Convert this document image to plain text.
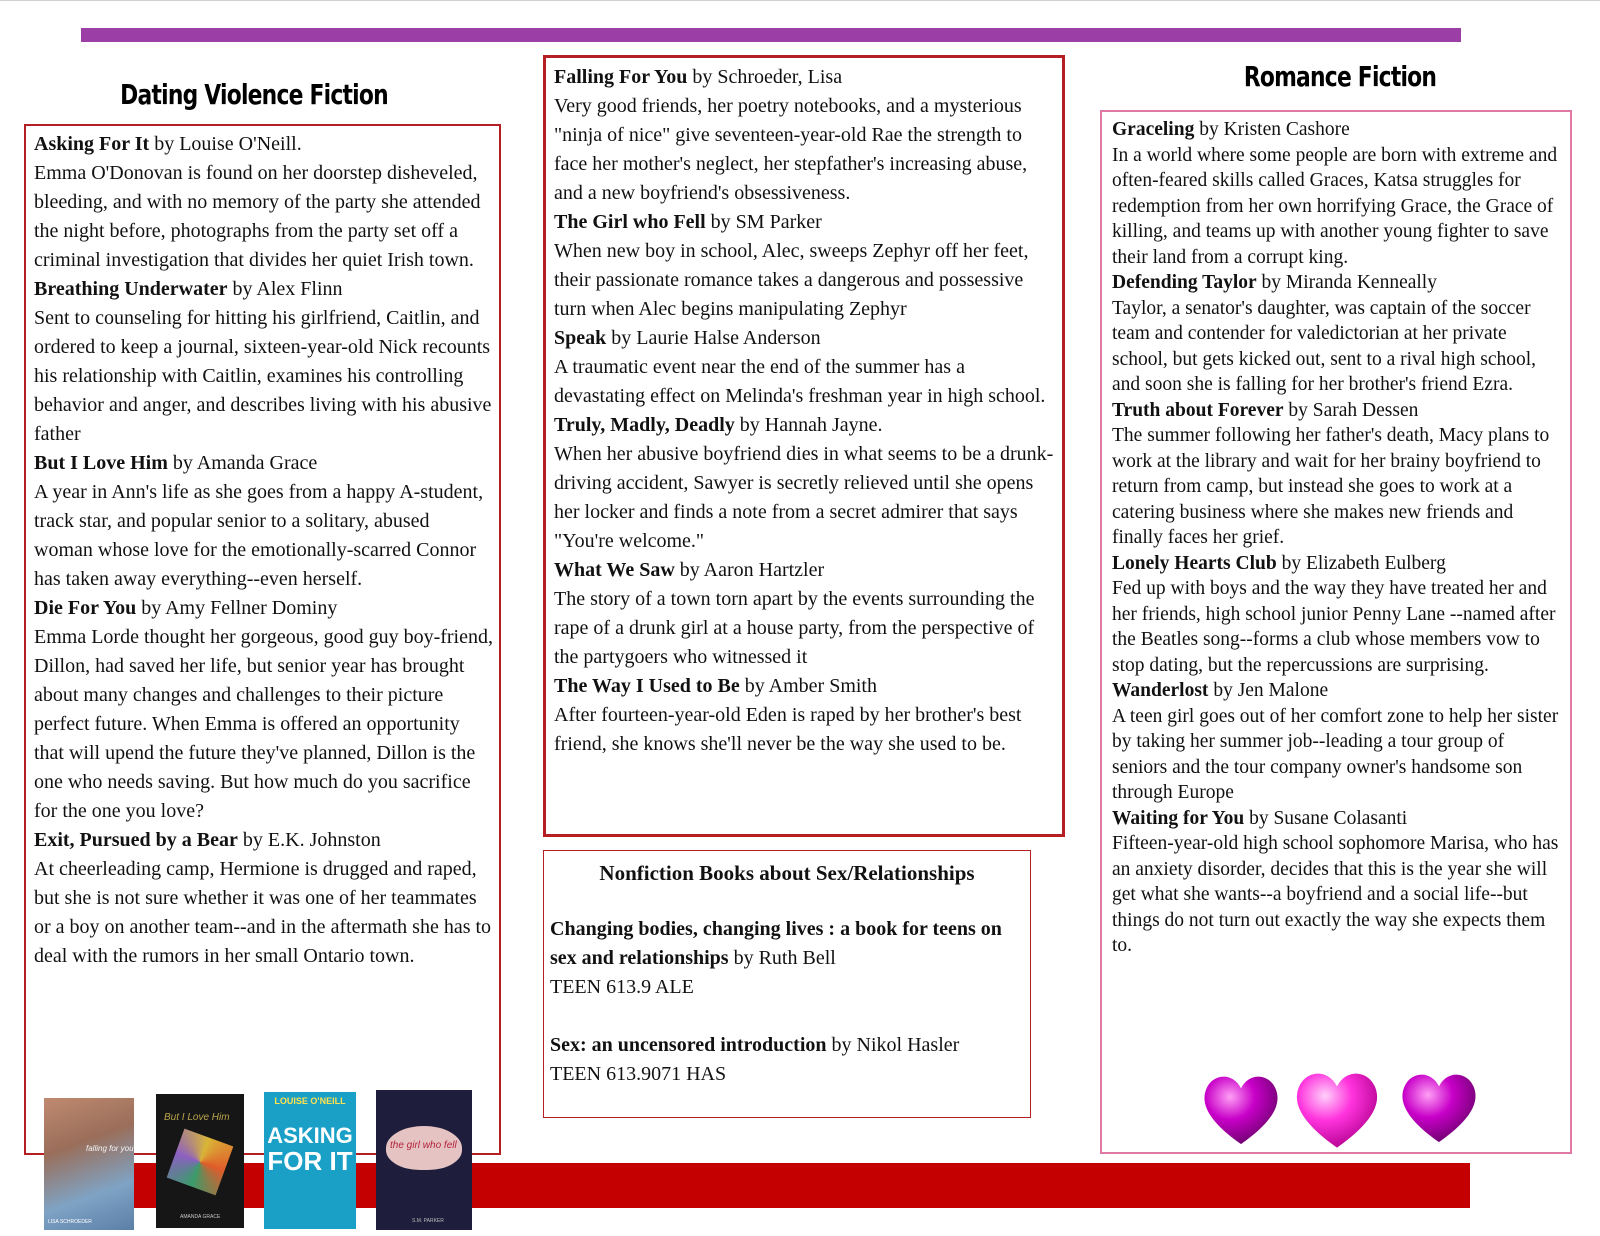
Dating Violence Fiction
Romance Fiction

Asking For It by Louise O'Neill.

Emma O'Donovan is found on her doorstep disheveled, bleeding, and with no memory of the party she attended the night before, photographs from the party set off a criminal investigation that divides her quiet Irish town.

Breathing Underwater by Alex Flinn

Sent to counseling for hitting his girlfriend, Caitlin, and ordered to keep a journal, sixteen-year-old Nick recounts his relationship with Caitlin, examines his controlling behavior and anger, and describes living with his abusive father

But I Love Him by Amanda Grace

A year in Ann's life as she goes from a happy A-student, track star, and popular senior to a solitary, abused woman whose love for the emotionally-scarred Connor has taken away everything--even herself.

Die For You by Amy Fellner Dominy

Emma Lorde thought her gorgeous, good guy boy-friend, Dillon, had saved her life, but senior year has brought about many changes and challenges to their picture perfect future. When Emma is offered an opportunity that will upend the future they've planned, Dillon is the one who needs saving. But how much do you sacrifice for the one you love?

Exit, Pursued by a Bear by E.K. Johnston

At cheerleading camp, Hermione is drugged and raped, but she is not sure whether it was one of her teammates or a boy on another team--and in the aftermath she has to deal with the rumors in her small Ontario town.

Falling For You by Schroeder, Lisa

Very good friends, her poetry notebooks, and a mysterious "ninja of nice" give seventeen-year-old Rae the strength to face her mother's neglect, her stepfather's increasing abuse, and a new boyfriend's obsessiveness.

The Girl who Fell by SM Parker

When new boy in school, Alec, sweeps Zephyr off her feet, their passionate romance takes a dangerous and possessive turn when Alec begins manipulating Zephyr

Speak by Laurie Halse Anderson

A traumatic event near the end of the summer has a devastating effect on Melinda's freshman year in high school.

Truly, Madly, Deadly by Hannah Jayne.

When her abusive boyfriend dies in what seems to be a drunk-driving accident, Sawyer is secretly relieved until she opens her locker and finds a note from a secret admirer that says "You're welcome."

What We Saw by Aaron Hartzler

The story of a town torn apart by the events surrounding the rape of a drunk girl at a house party, from the perspective of the partygoers who witnessed it

The Way I Used to Be by Amber Smith

After fourteen-year-old Eden is raped by her brother's best friend, she knows she'll never be the way she used to be.

Nonfiction Books about Sex/Relationships

Changing bodies, changing lives : a book for teens on sex and relationships by Ruth Bell

TEEN 613.9 ALE

Sex: an uncensored introduction by Nikol Hasler

TEEN 613.9071 HAS

Graceling by Kristen Cashore

In a world where some people are born with extreme and often-feared skills called Graces, Katsa struggles for redemption from her own horrifying Grace, the Grace of killing, and teams up with another young fighter to save their land from a corrupt king.

Defending Taylor by Miranda Kenneally

Taylor, a senator's daughter, was captain of the soccer team and contender for valedictorian at her private school, but gets kicked out, sent to a rival high school, and soon she is falling for her brother's friend Ezra.

Truth about Forever by Sarah Dessen

The summer following her father's death, Macy plans to work at the library and wait for her brainy boyfriend to return from camp, but instead she goes to work at a catering business where she makes new friends and finally faces her grief.

Lonely Hearts Club by Elizabeth Eulberg

Fed up with boys and the way they have treated her and her friends, high school junior Penny Lane --named after the Beatles song--forms a club whose members vow to stop dating, but the repercussions are surprising.

Wanderlost by Jen Malone

A teen girl goes out of her comfort zone to help her sister by taking her summer job--leading a tour group of seniors and the tour company owner's handsome son through Europe

Waiting for You by Susane Colasanti

Fifteen-year-old high school sophomore Marisa, who has an anxiety disorder, decides that this is the year she will get what she wants--a boyfriend and a social life--but things do not turn out exactly the way she expects them to.

falling for you
LISA SCHROEDER
But I Love Him
AMANDA GRACE
LOUISE O'NEILL
ASKING
FOR IT
the girl who fell
S.M. PARKER
